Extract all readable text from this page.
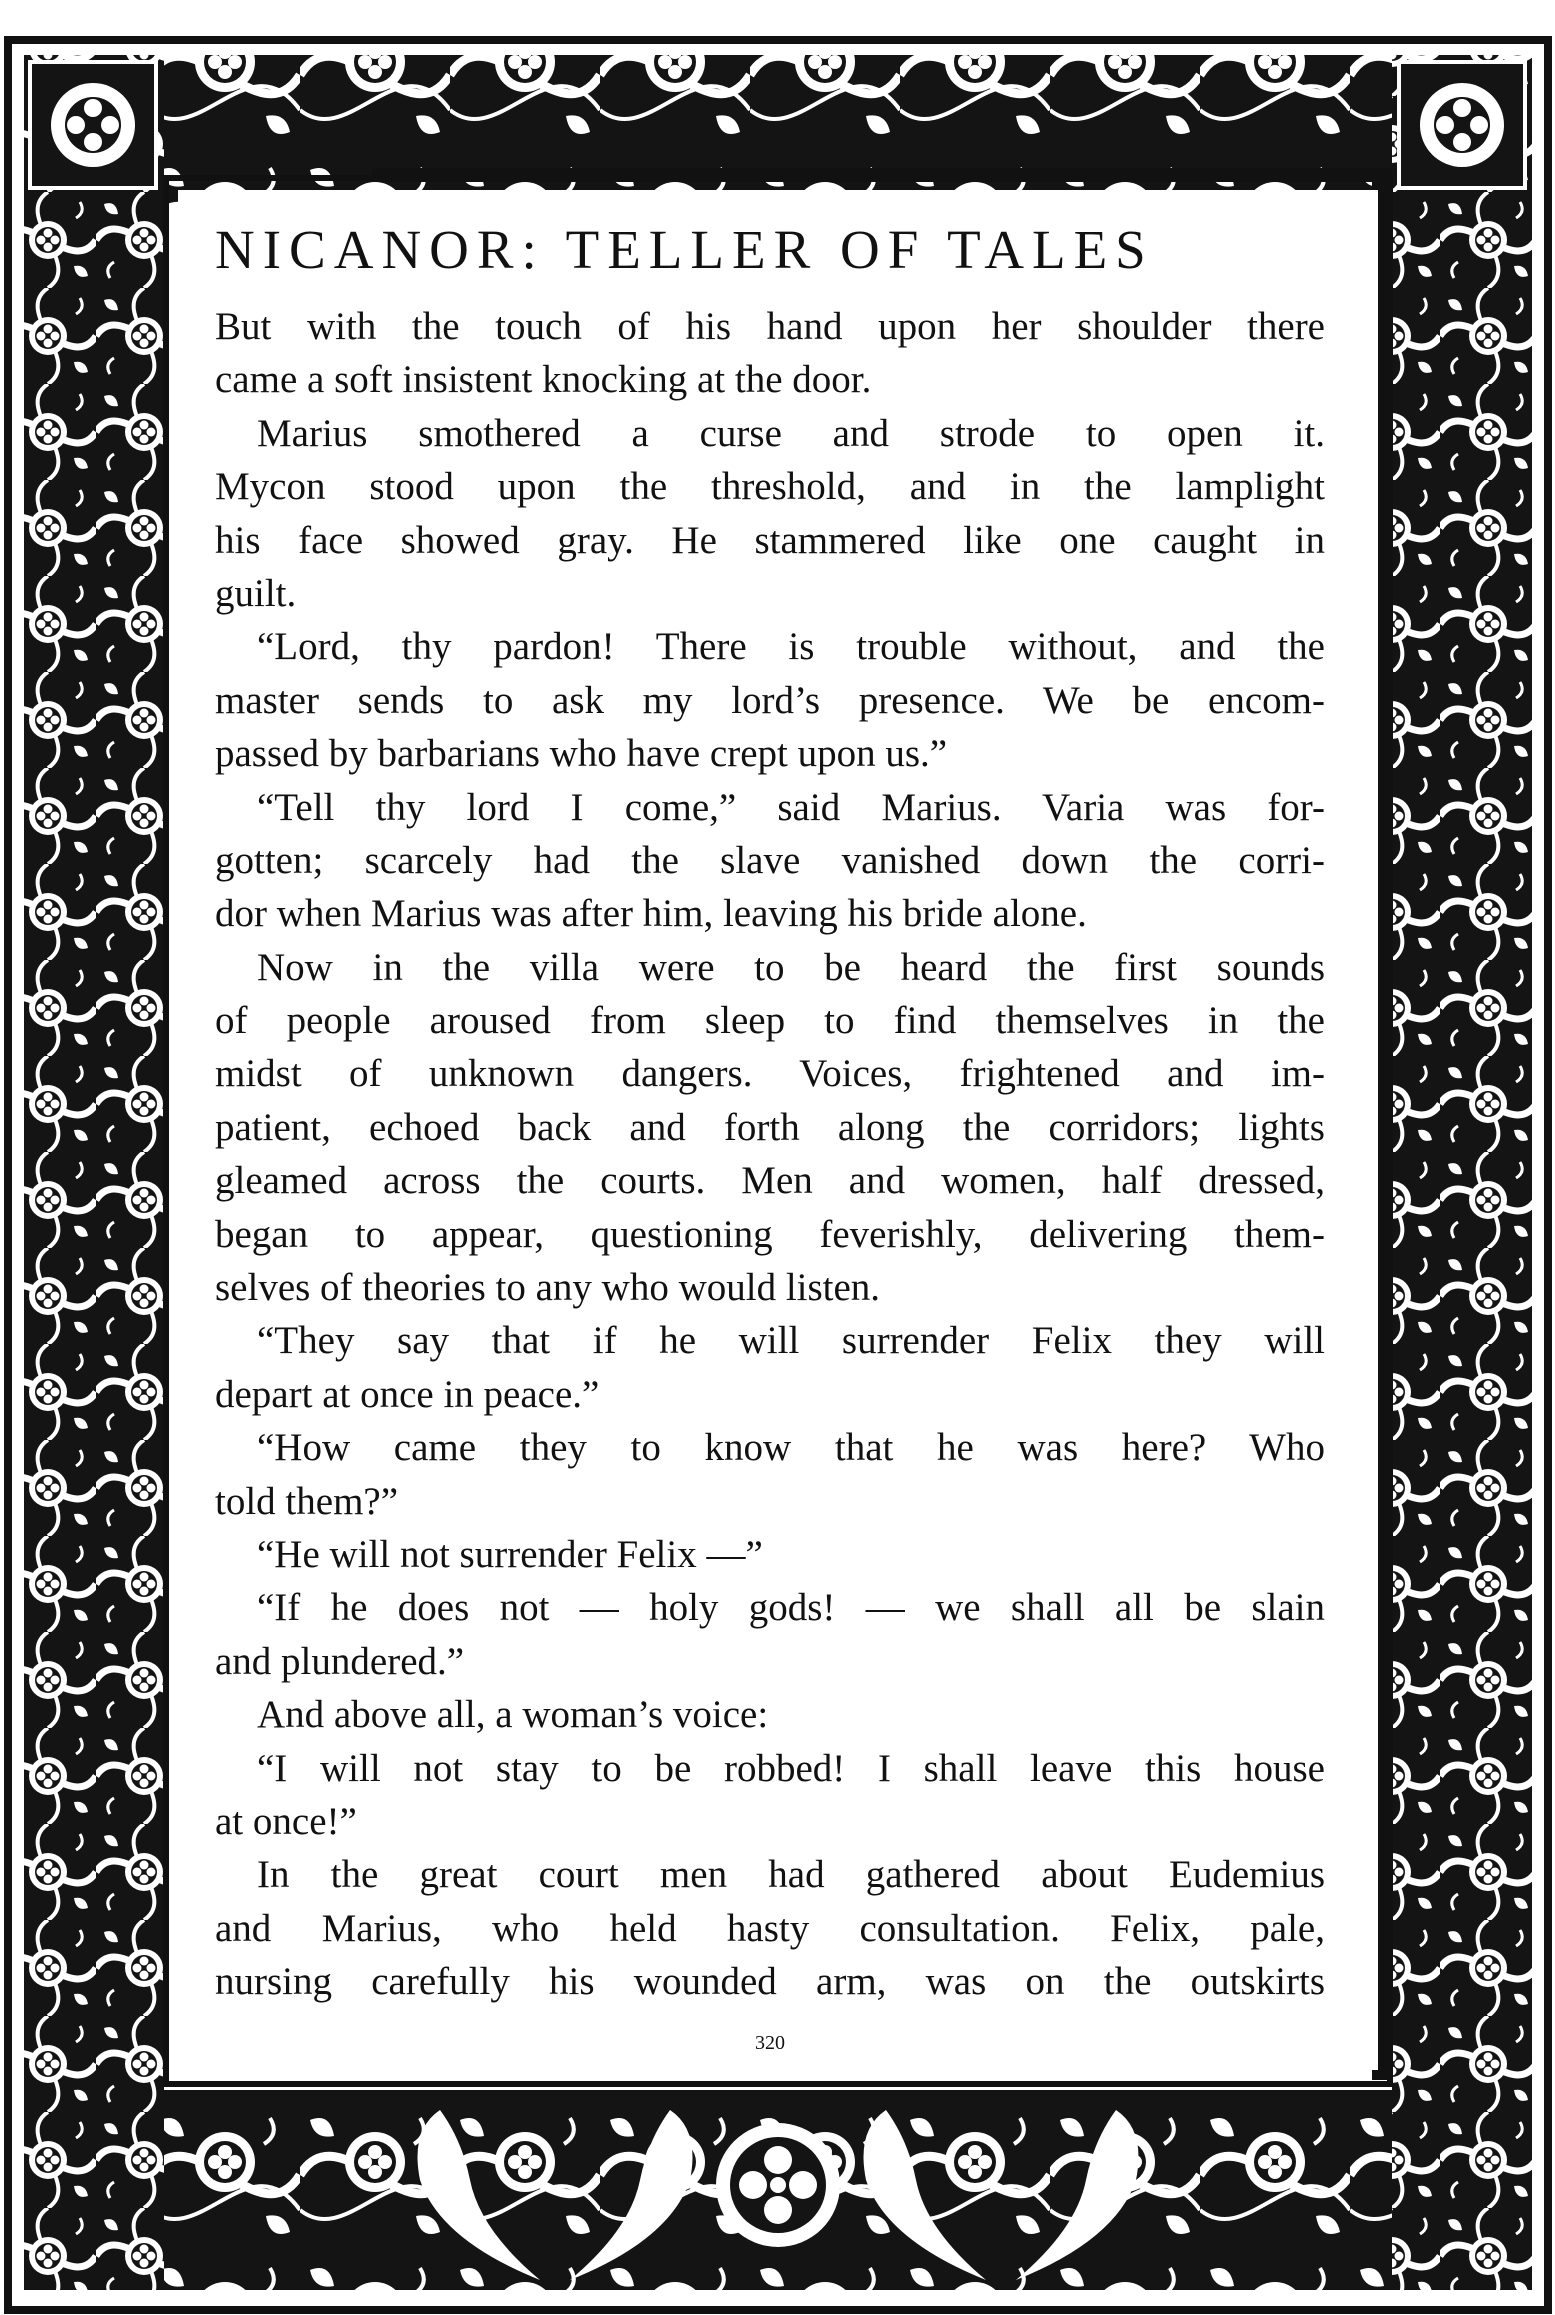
NICANOR: TELLER OF TALES
But with the touch of his hand upon her shoulder there
came a soft insistent knocking at the door.
Marius smothered a curse and strode to open it.
Mycon stood upon the threshold, and in the lamplight
his face showed gray. He stammered like one caught in
guilt.
“Lord, thy pardon! There is trouble without, and the
master sends to ask my lord’s presence. We be encom-
passed by barbarians who have crept upon us.”
“Tell thy lord I come,” said Marius. Varia was for-
gotten; scarcely had the slave vanished down the corri-
dor when Marius was after him, leaving his bride alone.
Now in the villa were to be heard the first sounds
of people aroused from sleep to find themselves in the
midst of unknown dangers. Voices, frightened and im-
patient, echoed back and forth along the corridors; lights
gleamed across the courts. Men and women, half dressed,
began to appear, questioning feverishly, delivering them-
selves of theories to any who would listen.
“They say that if he will surrender Felix they will
depart at once in peace.”
“How came they to know that he was here? Who
told them?”
“He will not surrender Felix —”
“If he does not — holy gods! — we shall all be slain
and plundered.”
And above all, a woman’s voice:
“I will not stay to be robbed! I shall leave this house
at once!”
In the great court men had gathered about Eudemius
and Marius, who held hasty consultation. Felix, pale,
nursing carefully his wounded arm, was on the outskirts
320
